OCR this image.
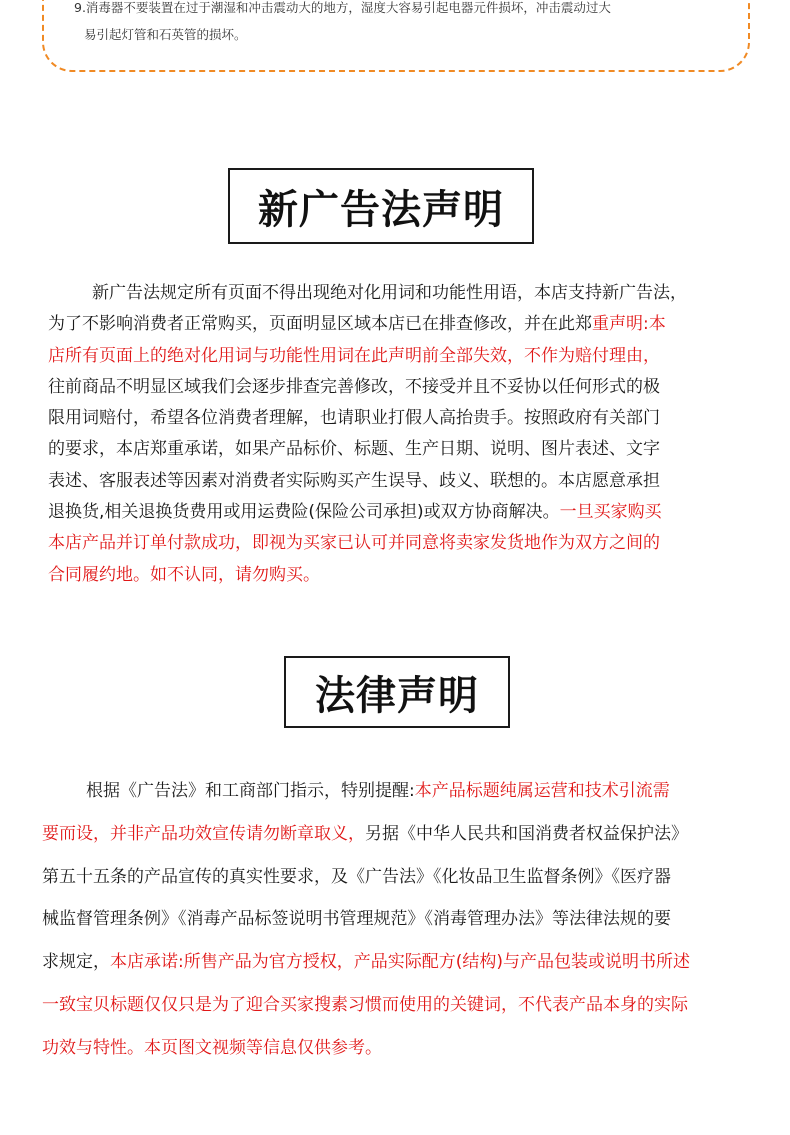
9.消毒器不要装置在过于潮湿和冲击震动大的地方，湿度大容易引起电器元件损坏，冲击震动过大
易引起灯管和石英管的损坏。
新广告法声明
新广告法规定所有页面不得出现绝对化用词和功能性用语，本店支持新广告法，
为了不影响消费者正常购买，页面明显区域本店已在排查修改，并在此郑重声明:本
店所有页面上的绝对化用词与功能性用词在此声明前全部失效，不作为赔付理由，
往前商品不明显区域我们会逐步排查完善修改，不接受并且不妥协以任何形式的极
限用词赔付，希望各位消费者理解，也请职业打假人高抬贵手。按照政府有关部门
的要求，本店郑重承诺，如果产品标价、标题、生产日期、说明、图片表述、文字
表述、客服表述等因素对消费者实际购买产生误导、歧义、联想的。本店愿意承担
退换货,相关退换货费用或用运费险(保险公司承担)或双方协商解决。一旦买家购买
本店产品并订单付款成功，即视为买家已认可并同意将卖家发货地作为双方之间的
合同履约地。如不认同，请勿购买。
法律声明
根据《广告法》和工商部门指示，特别提醒:本产品标题纯属运营和技术引流需
要而设，并非产品功效宣传请勿断章取义，另据《中华人民共和国消费者权益保护法》
第五十五条的产品宣传的真实性要求，及《广告法》《化妆品卫生监督条例》《医疗器
械监督管理条例》《消毒产品标签说明书管理规范》《消毒管理办法》等法律法规的要
求规定，本店承诺:所售产品为官方授权，产品实际配方(结构)与产品包装或说明书所述
一致宝贝标题仅仅只是为了迎合买家搜素习惯而使用的关键词，不代表产品本身的实际
功效与特性。本页图文视频等信息仅供参考。
